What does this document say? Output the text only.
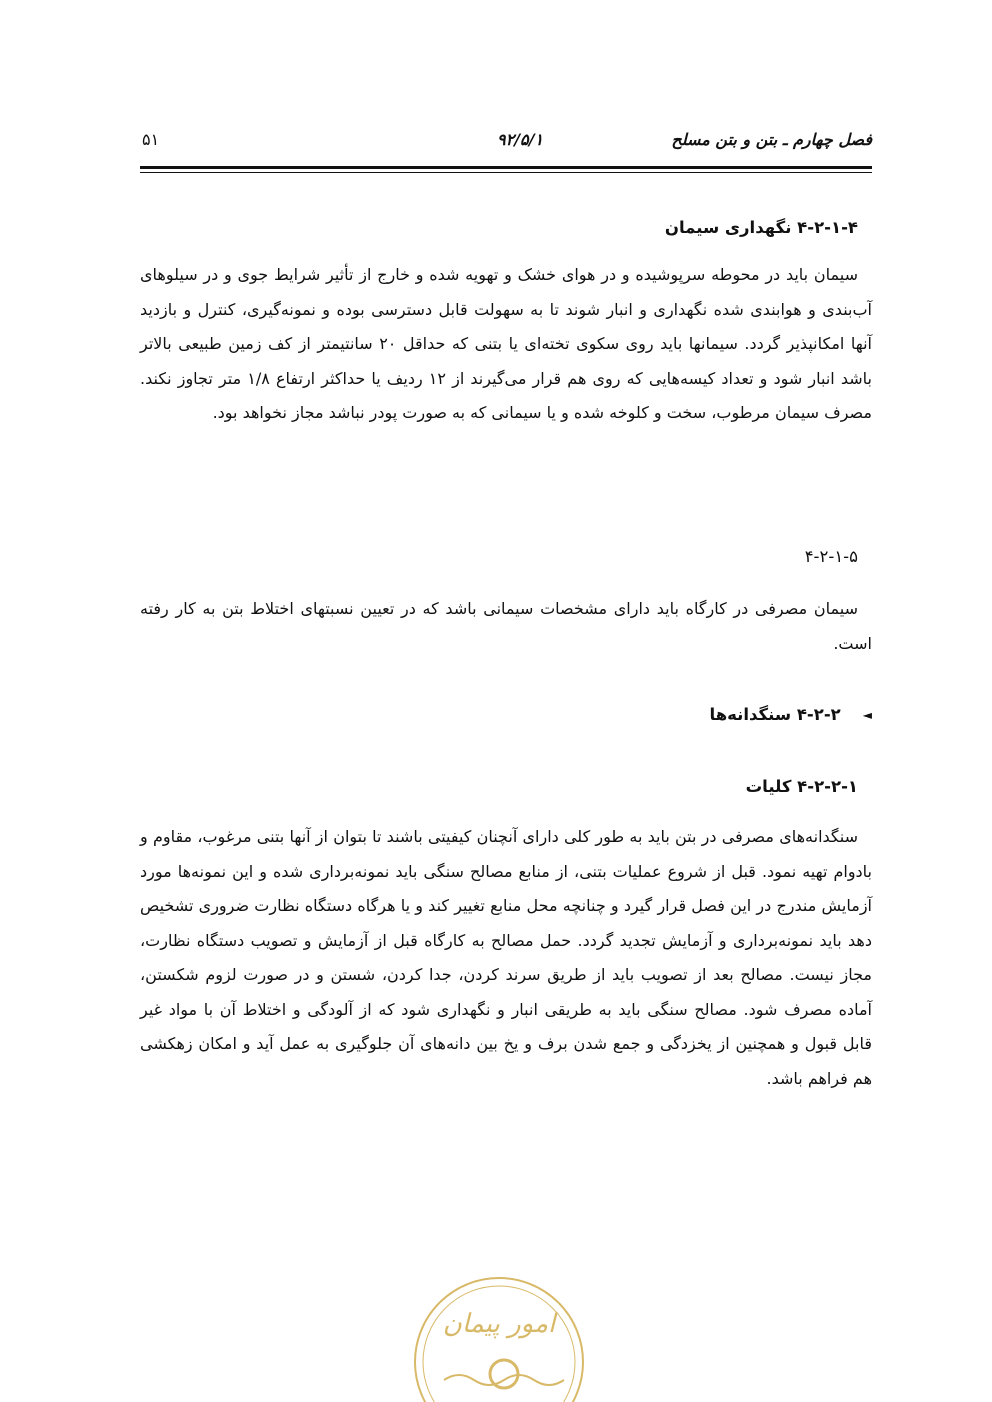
فصل چهارم ـ بتن و بتن مسلح
۹۲/۵/۱
۵۱
۴-۲-۱-۴ نگهداری سیمان
سیمان باید در محوطه سرپوشیده و در هوای خشک و تهویه شده و خارج از تأثیر شرایط جوی و در سیلوهای آب‌بندی و هوابندی شده نگهداری و انبار شوند تا به سهولت قابل دسترسی بوده و نمونه‌گیری، کنترل و بازدید آنها امکانپذیر گردد. سیمانها باید روی سکوی تخته‌ای یا بتنی که حداقل ۲۰ سانتیمتر از کف زمین طبیعی بالاتر باشد انبار شود و تعداد کیسه‌هایی که روی هم قرار می‌گیرند از ۱۲ ردیف یا حداکثر ارتفاع ۱/۸ متر تجاوز نکند. مصرف سیمان مرطوب، سخت و کلوخه شده و یا سیمانی که به صورت پودر نباشد مجاز نخواهد بود.
۴-۲-۱-۵
سیمان مصرفی در کارگاه باید دارای مشخصات سیمانی باشد که در تعیین نسبتهای اختلاط بتن به کار رفته است.
◄۴-۲-۲ سنگدانه‌ها
۴-۲-۲-۱ کلیات
سنگدانه‌های مصرفی در بتن باید به طور کلی دارای آنچنان کیفیتی باشند تا بتوان از آنها بتنی مرغوب، مقاوم و بادوام تهیه نمود. قبل از شروع عملیات بتنی، از منابع مصالح سنگی باید نمونه‌برداری شده و این نمونه‌ها مورد آزمایش مندرج در این فصل قرار گیرد و چنانچه محل منابع تغییر کند و یا هرگاه دستگاه نظارت ضروری تشخیص دهد باید نمونه‌برداری و آزمایش تجدید گردد. حمل مصالح به کارگاه قبل از آزمایش و تصویب دستگاه نظارت، مجاز نیست. مصالح بعد از تصویب باید از طریق سرند کردن، جدا کردن، شستن و در صورت لزوم شکستن، آماده مصرف شود. مصالح سنگی باید به طریقی انبار و نگهداری شود که از آلودگی و اختلاط آن با مواد غیر قابل قبول و همچنین از یخزدگی و جمع شدن برف و یخ بین دانه‌های آن جلوگیری به عمل آید و امکان زهکشی هم فراهم باشد.
امور پیمان
